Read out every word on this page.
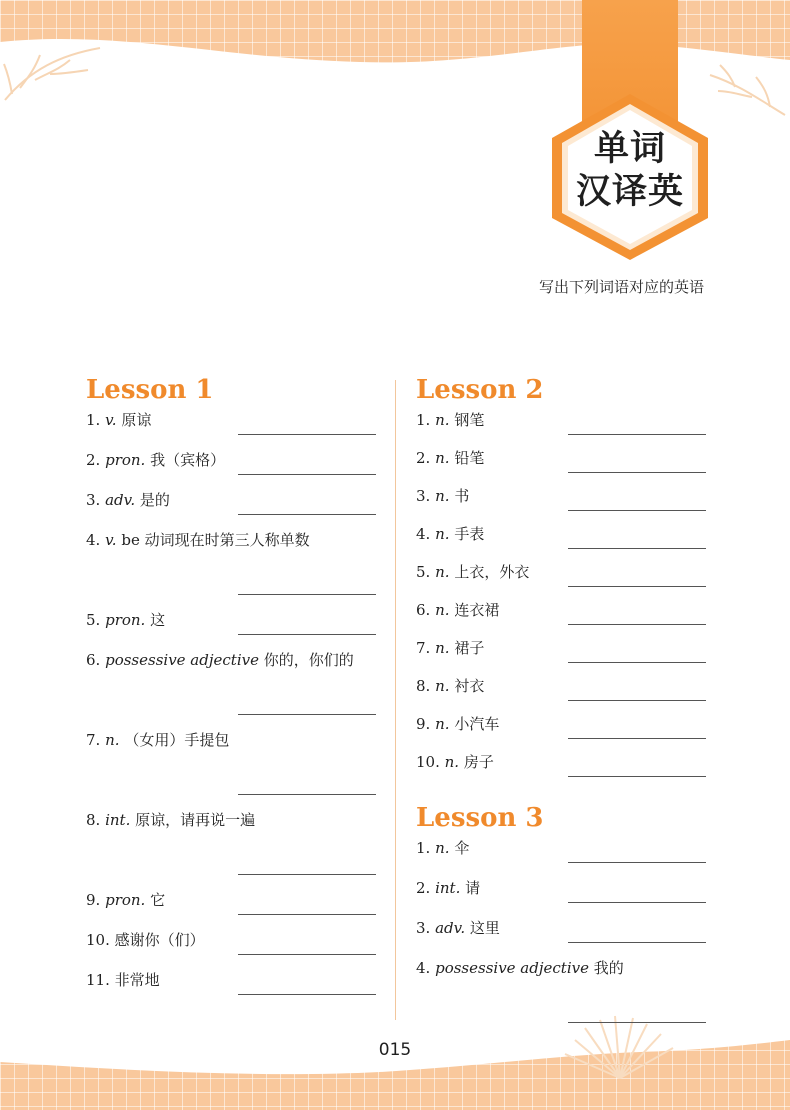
单词
汉译英
写出下列词语对应的英语
Lesson 1
1. v. 原谅
2. pron. 我（宾格）
3. adv. 是的
4. v. be 动词现在时第三人称单数
5. pron. 这
6. possessive adjective 你的，你们的
7. n. （女用）手提包
8. int. 原谅，请再说一遍
9. pron. 它
10. 感谢你（们）
11. 非常地
Lesson 2
1. n. 钢笔
2. n. 铅笔
3. n. 书
4. n. 手表
5. n. 上衣，外衣
6. n. 连衣裙
7. n. 裙子
8. n. 衬衣
9. n. 小汽车
10. n. 房子
Lesson 3
1. n. 伞
2. int. 请
3. adv. 这里
4. possessive adjective 我的
015
